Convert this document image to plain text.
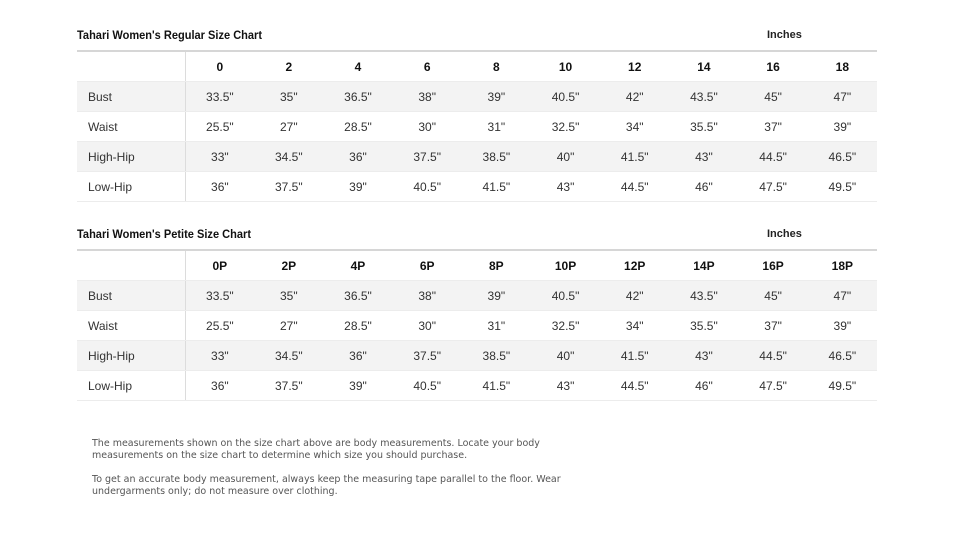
Tahari Women's Regular Size Chart	Inches
	0	2	4	6	8	10	12	14	16	18
Bust	33.5"	35"	36.5"	38"	39"	40.5"	42"	43.5"	45"	47"
Waist	25.5"	27"	28.5"	30"	31"	32.5"	34"	35.5"	37"	39"
High-Hip	33"	34.5"	36"	37.5"	38.5"	40"	41.5"	43"	44.5"	46.5"
Low-Hip	36"	37.5"	39"	40.5"	41.5"	43"	44.5"	46"	47.5"	49.5"
Tahari Women's Petite Size Chart	Inches
	0P	2P	4P	6P	8P	10P	12P	14P	16P	18P
Bust	33.5"	35"	36.5"	38"	39"	40.5"	42"	43.5"	45"	47"
Waist	25.5"	27"	28.5"	30"	31"	32.5"	34"	35.5"	37"	39"
High-Hip	33"	34.5"	36"	37.5"	38.5"	40"	41.5"	43"	44.5"	46.5"
Low-Hip	36"	37.5"	39"	40.5"	41.5"	43"	44.5"	46"	47.5"	49.5"

The measurements shown on the size chart above are body measurements. Locate your body measurements on the size chart to determine which size you should purchase.

To get an accurate body measurement, always keep the measuring tape parallel to the floor. Wear undergarments only; do not measure over clothing.
